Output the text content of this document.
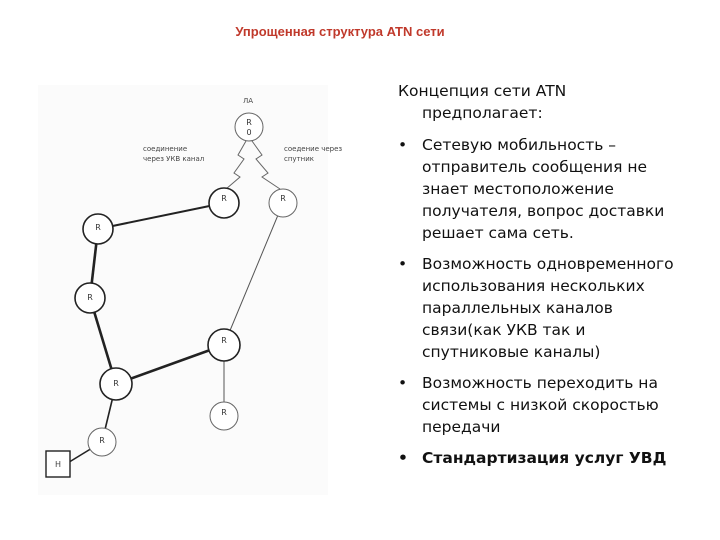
Упрощенная структура ATN сети
R
0
ЛА
соединение
через УКВ канал
соедение через
спутник
R	R
R
R
R
R
R
R
Н

Концепция сети ATN предполагает:

• Сетевую мобильность – отправитель сообщения не знает местоположение получателя, вопрос доставки решает сама сеть.
• Возможность одновременного использования нескольких параллельных каналов связи(как УКВ так и спутниковые каналы)
• Возможность переходить на системы с низкой скоростью передачи
• Стандартизация услуг УВД
